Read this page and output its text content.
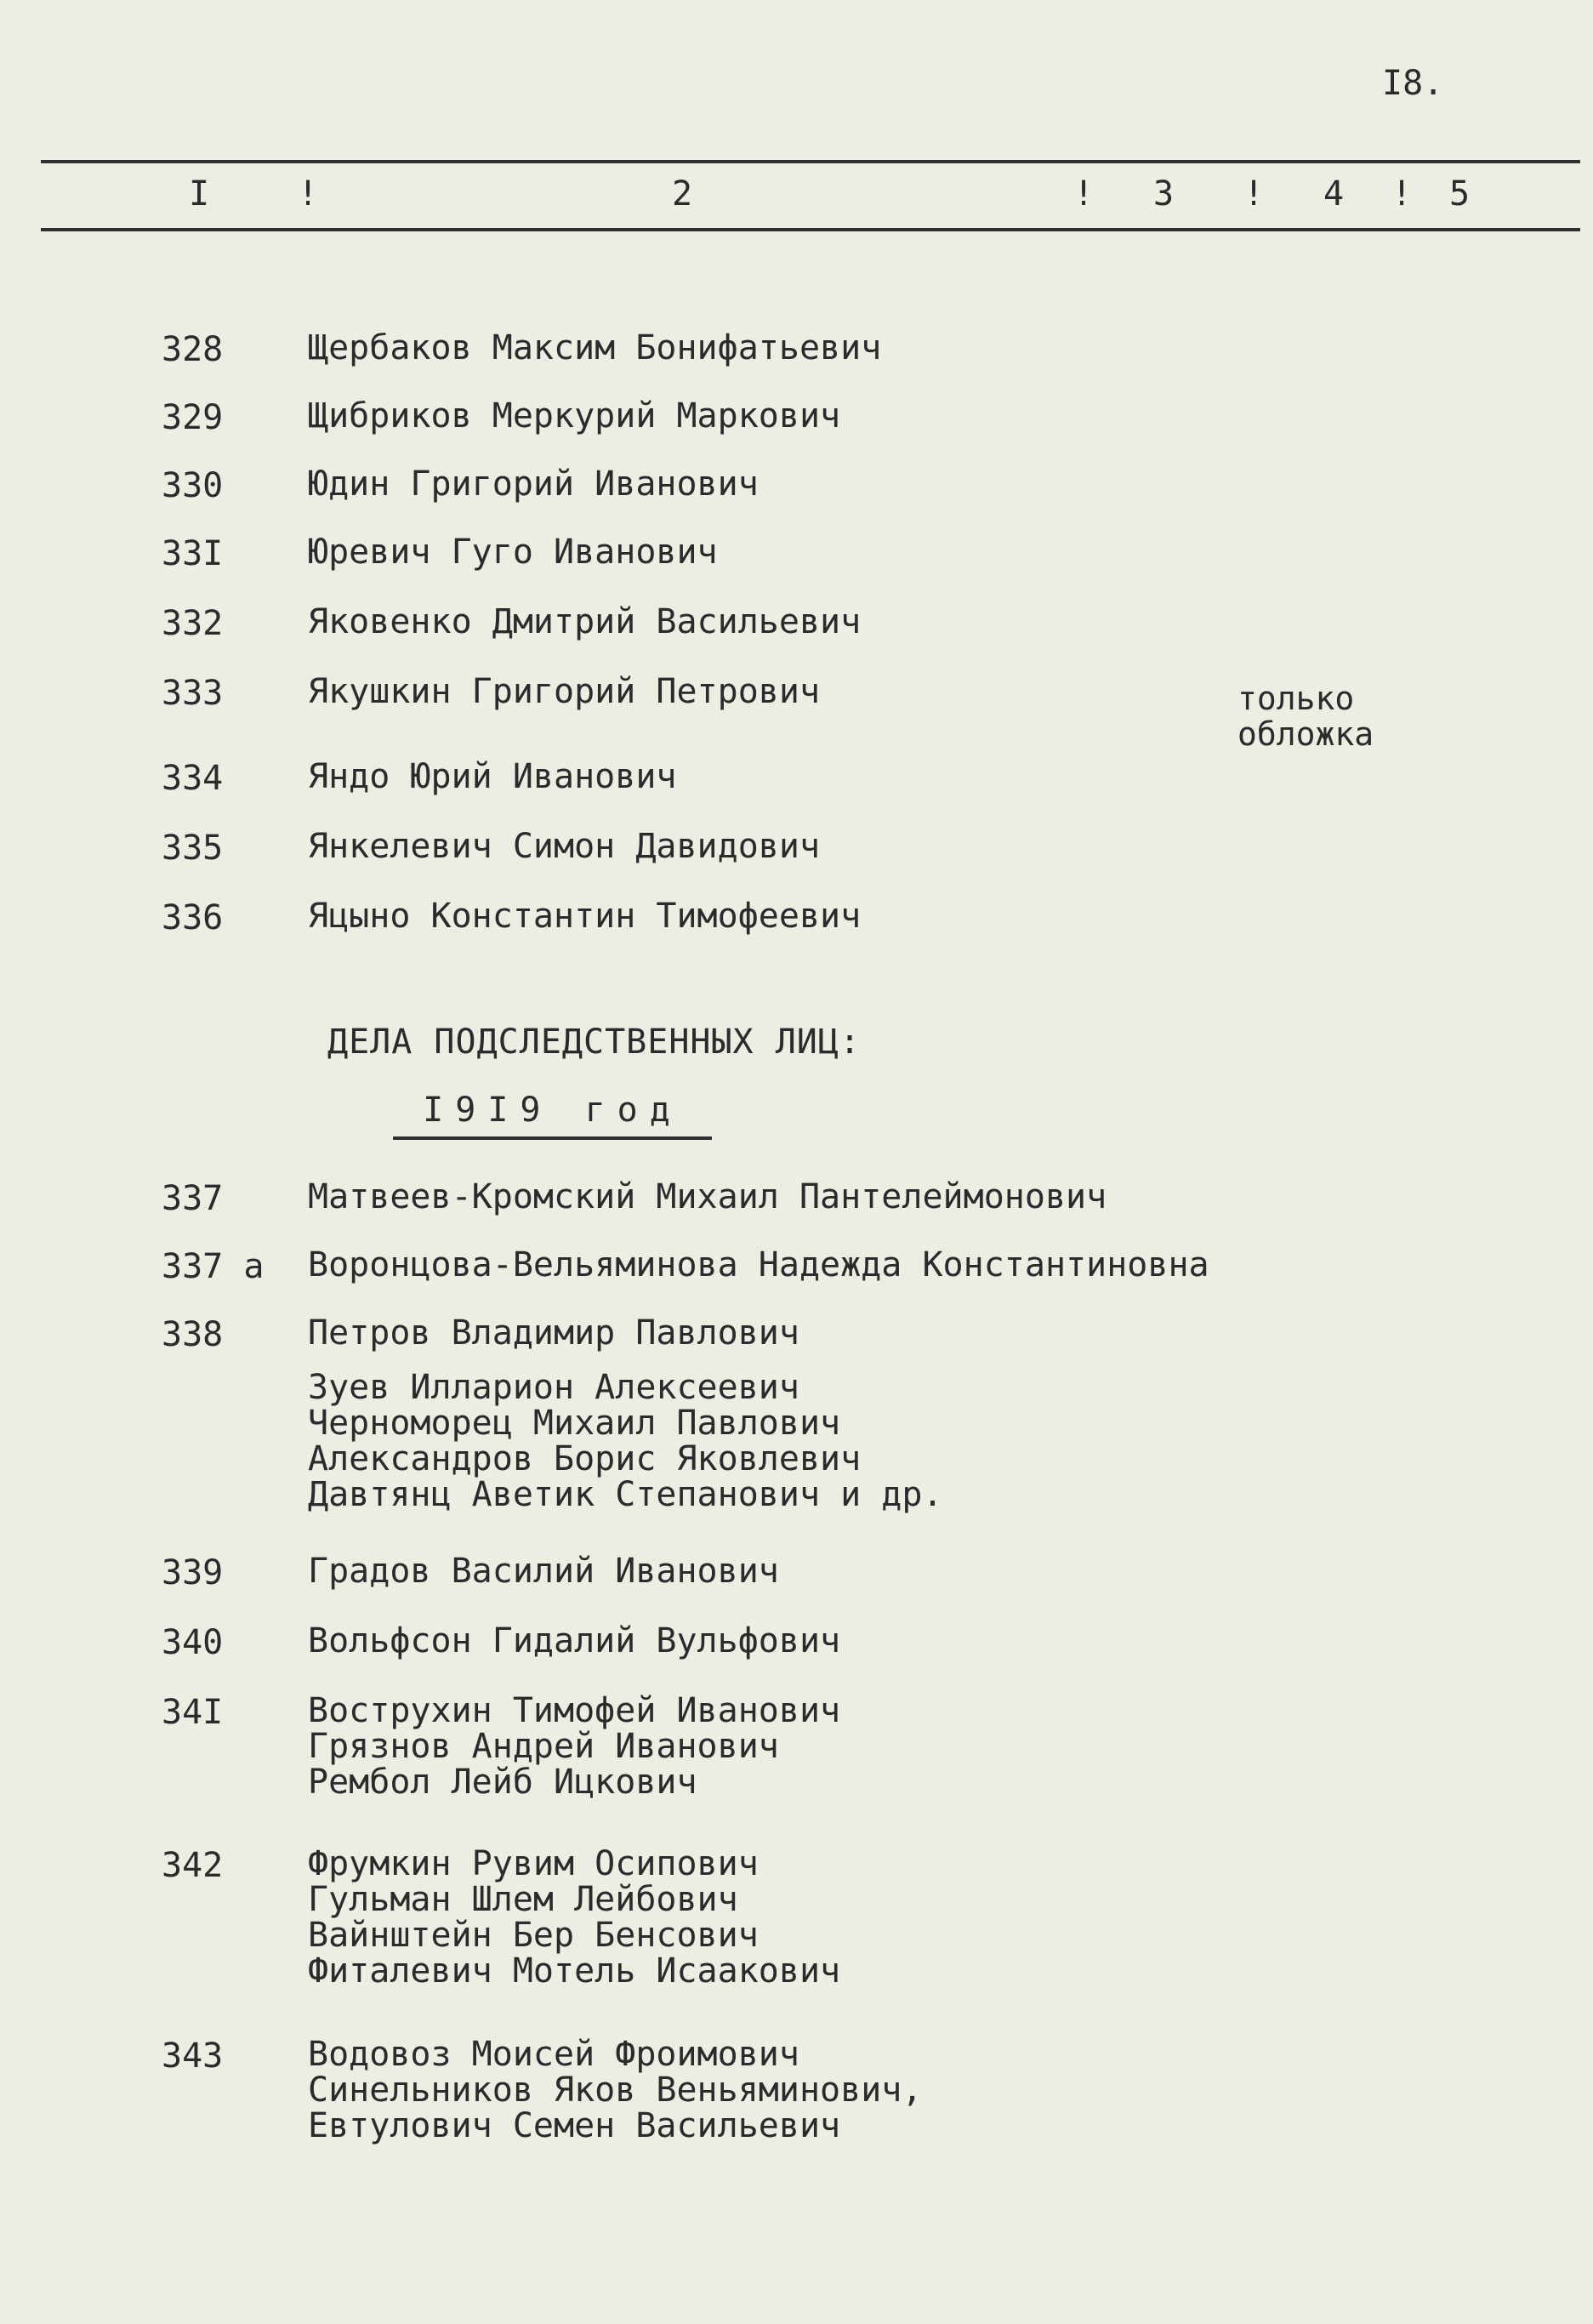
I8.
I	!	2	! 3 ! 4 ! 5
328 Щербаков Максим Бонифатьевич
329 Щибриков Меркурий Маркович
330 Юдин Григорий Иванович
33I Юревич Гуго Иванович
332 Яковенко Дмитрий Васильевич
333 Якушкин Григорий Петрович	только
обложка
334 Яндо Юрий Иванович
335 Янкелевич Симон Давидович
336 Яцыно Константин Тимофеевич
ДЕЛА ПОДСЛЕДСТВЕННЫХ ЛИЦ:
I9I9 год
337 Матвеев-Кромский Михаил Пантелеймонович
337 а Воронцова-Вельяминова Надежда Константиновна
338 Петров Владимир Павлович
Зуев Илларион Алексеевич
Черноморец Михаил Павлович
Александров Борис Яковлевич
Давтянц Аветик Степанович и др.
339 Градов Василий Иванович
340 Вольфсон Гидалий Вульфович
34I Вострухин Тимофей Иванович
Грязнов Андрей Иванович
Рембол Лейб Ицкович
342 Фрумкин Рувим Осипович
Гульман Шлем Лейбович
Вайнштейн Бер Бенсович
Фиталевич Мотель Исаакович
343 Водовоз Моисей Фроимович
Синельников Яков Веньяминович,
Евтулович Семен Васильевич
